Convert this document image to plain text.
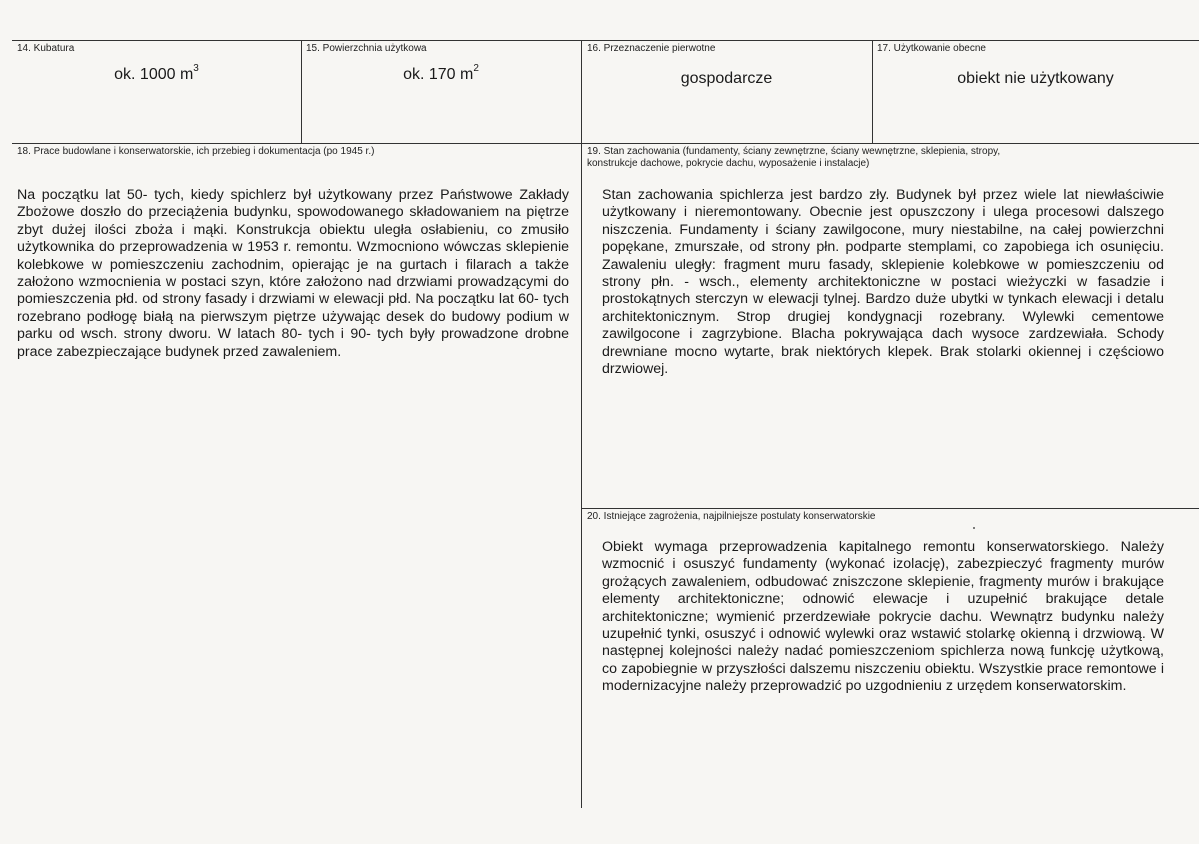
14. Kubatura
ok. 1000 $m^3$
15. Powierzchnia użytkowa
ok. 170 $m^2$
16. Przeznaczenie pierwotne
gospodarcze
17. Użytkowanie obecne
obiekt nie użytkowany
18. Prace budowlane i konserwatorskie, ich przebieg i dokumentacja (po 1945 r.)

Na początku lat 50- tych, kiedy spichlerz był użytkowany przez Państwowe Zakłady Zbożowe doszło do przeciążenia budynku, spowodowanego składowaniem na piętrze zbyt dużej ilości zboża i mąki. Konstrukcja obiektu uległa osłabieniu, co zmusiło użytkownika do przeprowadzenia w 1953 r. remontu. Wzmocniono wówczas sklepienie kolebkowe w pomieszczeniu zachodnim, opierając je na gurtach i filarach a także założono wzmocnienia w postaci szyn, które założono nad drzwiami prowadzącymi do pomieszczenia płd. od strony fasady i drzwiami w elewacji płd. Na początku lat 60- tych rozebrano podłogę białą na pierwszym piętrze używając desek do budowy podium w parku od wsch. strony dworu. W latach 80- tych i 90- tych były prowadzone drobne prace zabezpieczające budynek przed zawaleniem.

19. Stan zachowania (fundamenty, ściany zewnętrzne, ściany wewnętrzne, sklepienia, stropy,
konstrukcje dachowe, pokrycie dachu, wyposażenie i instalacje)

Stan zachowania spichlerza jest bardzo zły. Budynek był przez wiele lat niewłaściwie użytkowany i nieremontowany. Obecnie jest opuszczony i ulega procesowi dalszego niszczenia. Fundamenty i ściany zawilgocone, mury niestabilne, na całej powierzchni popękane, zmurszałe, od strony płn. podparte stemplami, co zapobiega ich osunięciu. Zawaleniu uległy: fragment muru fasady, sklepienie kolebkowe w pomieszczeniu od strony płn. - wsch., elementy architektoniczne w postaci wieżyczki w fasadzie i prostokątnych sterczyn w elewacji tylnej. Bardzo duże ubytki w tynkach elewacji i detalu architektonicznym. Strop drugiej kondygnacji rozebrany. Wylewki cementowe zawilgocone i zagrzybione. Blacha pokrywająca dach wysoce zardzewiała. Schody drewniane mocno wytarte, brak niektórych klepek. Brak stolarki okiennej i częściowo drzwiowej.

20. Istniejące zagrożenia, najpilniejsze postulaty konserwatorskie

Obiekt wymaga przeprowadzenia kapitalnego remontu konserwatorskiego. Należy wzmocnić i osuszyć fundamenty (wykonać izolację), zabezpieczyć fragmenty murów grożących zawaleniem, odbudować zniszczone sklepienie, fragmenty murów i brakujące elementy architektoniczne; odnowić elewacje i uzupełnić brakujące detale architektoniczne; wymienić przerdzewiałe pokrycie dachu. Wewnątrz budynku należy uzupełnić tynki, osuszyć i odnowić wylewki oraz wstawić stolarkę okienną i drzwiową. W następnej kolejności należy nadać pomieszczeniom spichlerza nową funkcję użytkową, co zapobiegnie w przyszłości dalszemu niszczeniu obiektu. Wszystkie prace remontowe i modernizacyjne należy przeprowadzić po uzgodnieniu z urzędem konserwatorskim.
